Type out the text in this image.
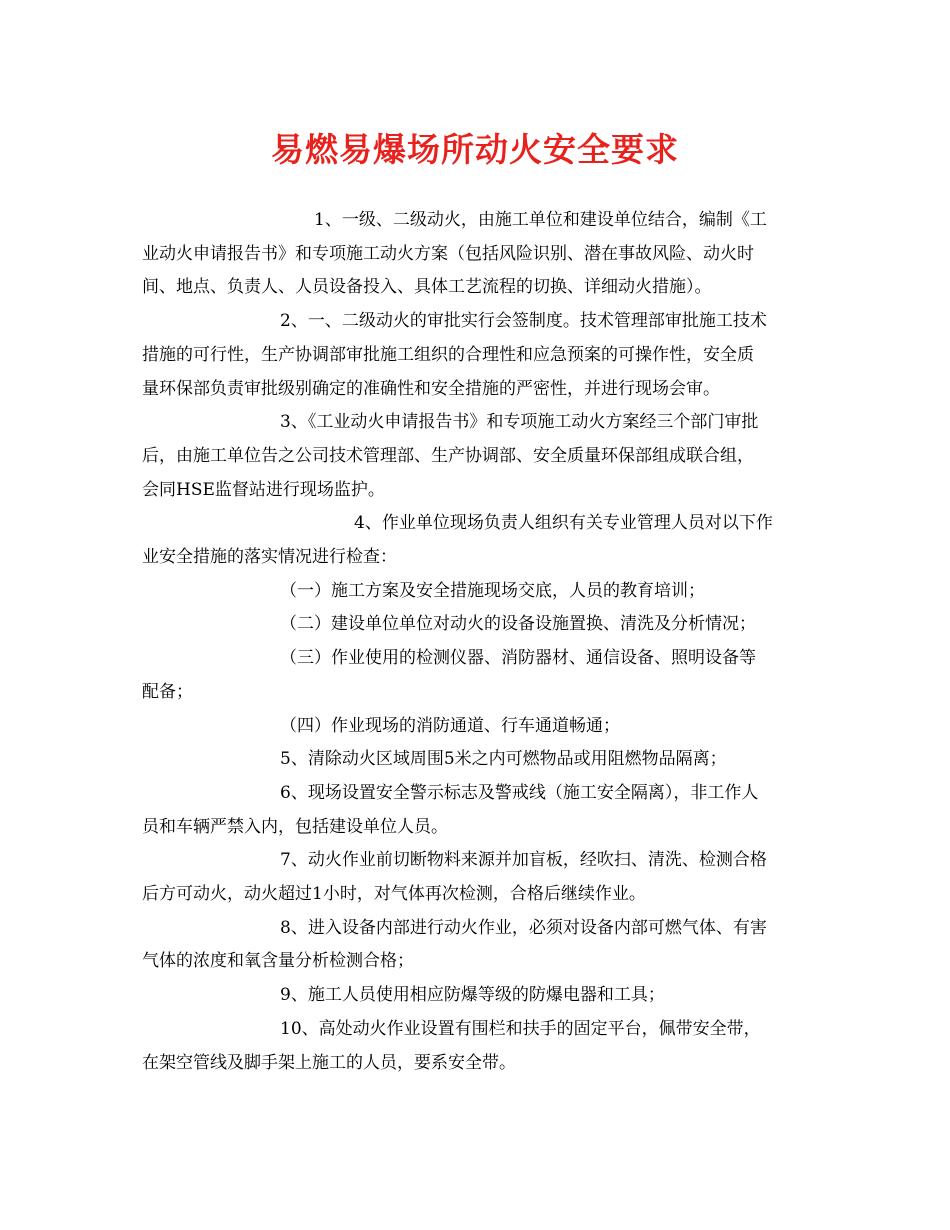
易燃易爆场所动火安全要求
1、一级、二级动火，由施工单位和建设单位结合，编制《工
业动火申请报告书》和专项施工动火方案（包括风险识别、潜在事故风险、动火时
间、地点、负责人、人员设备投入、具体工艺流程的切换、详细动火措施）。
2、一、二级动火的审批实行会签制度。技术管理部审批施工技术
措施的可行性，生产协调部审批施工组织的合理性和应急预案的可操作性，安全质
量环保部负责审批级别确定的准确性和安全措施的严密性，并进行现场会审。
3、《工业动火申请报告书》和专项施工动火方案经三个部门审批
后，由施工单位告之公司技术管理部、生产协调部、安全质量环保部组成联合组，
会同HSE监督站进行现场监护。
4、作业单位现场负责人组织有关专业管理人员对以下作
业安全措施的落实情况进行检查：
（一）施工方案及安全措施现场交底，人员的教育培训；
（二）建设单位单位对动火的设备设施置换、清洗及分析情况；
（三）作业使用的检测仪器、消防器材、通信设备、照明设备等
配备；
（四）作业现场的消防通道、行车通道畅通；
5、清除动火区域周围5米之内可燃物品或用阻燃物品隔离；
6、现场设置安全警示标志及警戒线（施工安全隔离），非工作人
员和车辆严禁入内，包括建设单位人员。
7、动火作业前切断物料来源并加盲板，经吹扫、清洗、检测合格
后方可动火，动火超过1小时，对气体再次检测，合格后继续作业。
8、进入设备内部进行动火作业，必须对设备内部可燃气体、有害
气体的浓度和氧含量分析检测合格；
9、施工人员使用相应防爆等级的防爆电器和工具；
10、高处动火作业设置有围栏和扶手的固定平台，佩带安全带，
在架空管线及脚手架上施工的人员，要系安全带。
